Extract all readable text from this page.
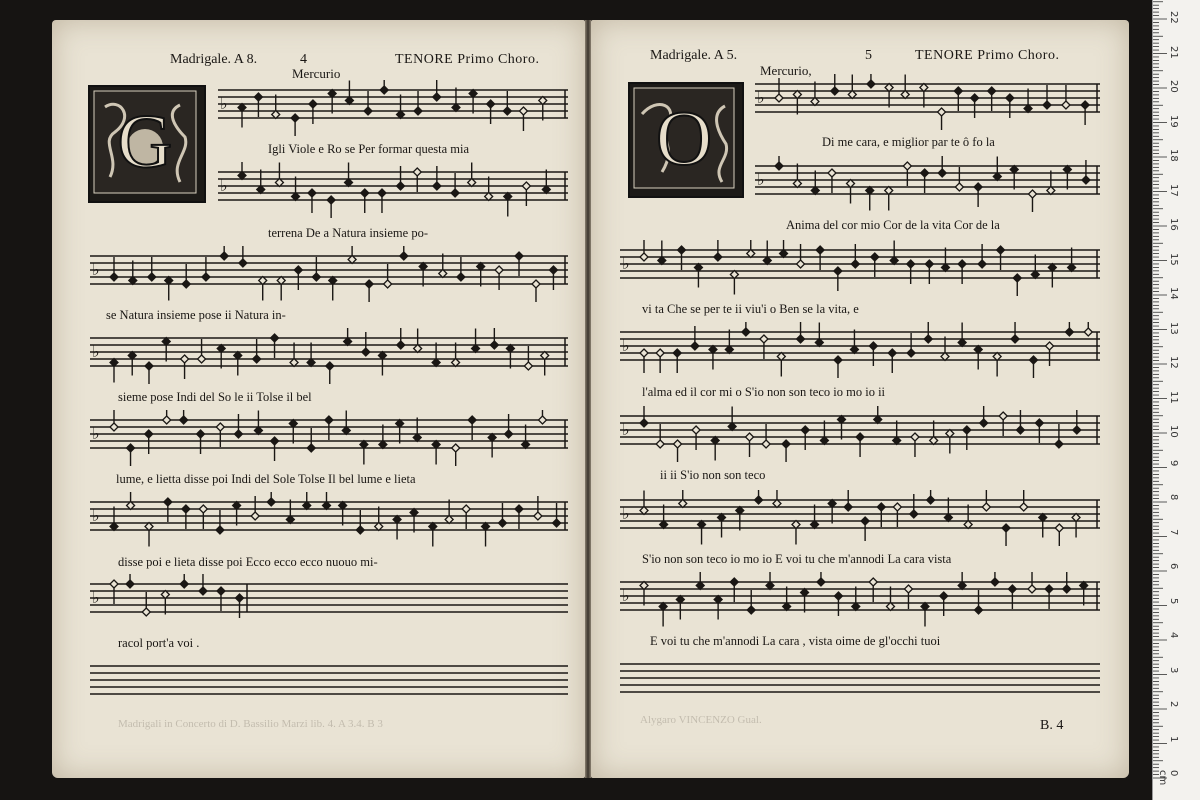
Madrigale. A 8.	4	TENORE Primo Choro.
Mercurio
G
Madrigale. A 5.	5	TENORE Primo Choro.
Mercurio,
O
♭
♭
♭
♭
♭
♭
♭
♭
♭
♭
♭
♭
♭
♭
Igli Viole e Ro se Per formar questa mia
terrena De a Natura insieme po-
se Natura insieme pose ii Natura in-
sieme pose Indi del So le ii Tolse il bel
lume, e lietta disse poi Indi del Sole Tolse Il bel lume e lieta
disse poi e lieta disse poi Ecco ecco ecco nuouo mi-
racol port'a voi .
Di me cara, e miglior par te ô fo la
Anima del cor mio Cor de la vita Cor de la
vi ta Che se per te ii viu'i o Ben se la vita, e
l'alma ed il cor mi o S'io non son teco io mo io ii
ii ii S'io non son teco
S'io non son teco io mo io E voi tu che m'annodi La cara vista
E voi tu che m'annodi La cara , vista oime de gl'occhi tuoi
Madrigali in Concerto di D. Bassilio Marzi lib. 4. A 3.4. B 3	Alygaro VINCENZO Gual.	B. 4
0 cm
1
2
3
4
5
6
7
8
9
10
11
12
13
14
15
16
17
18
19
20
21
22
